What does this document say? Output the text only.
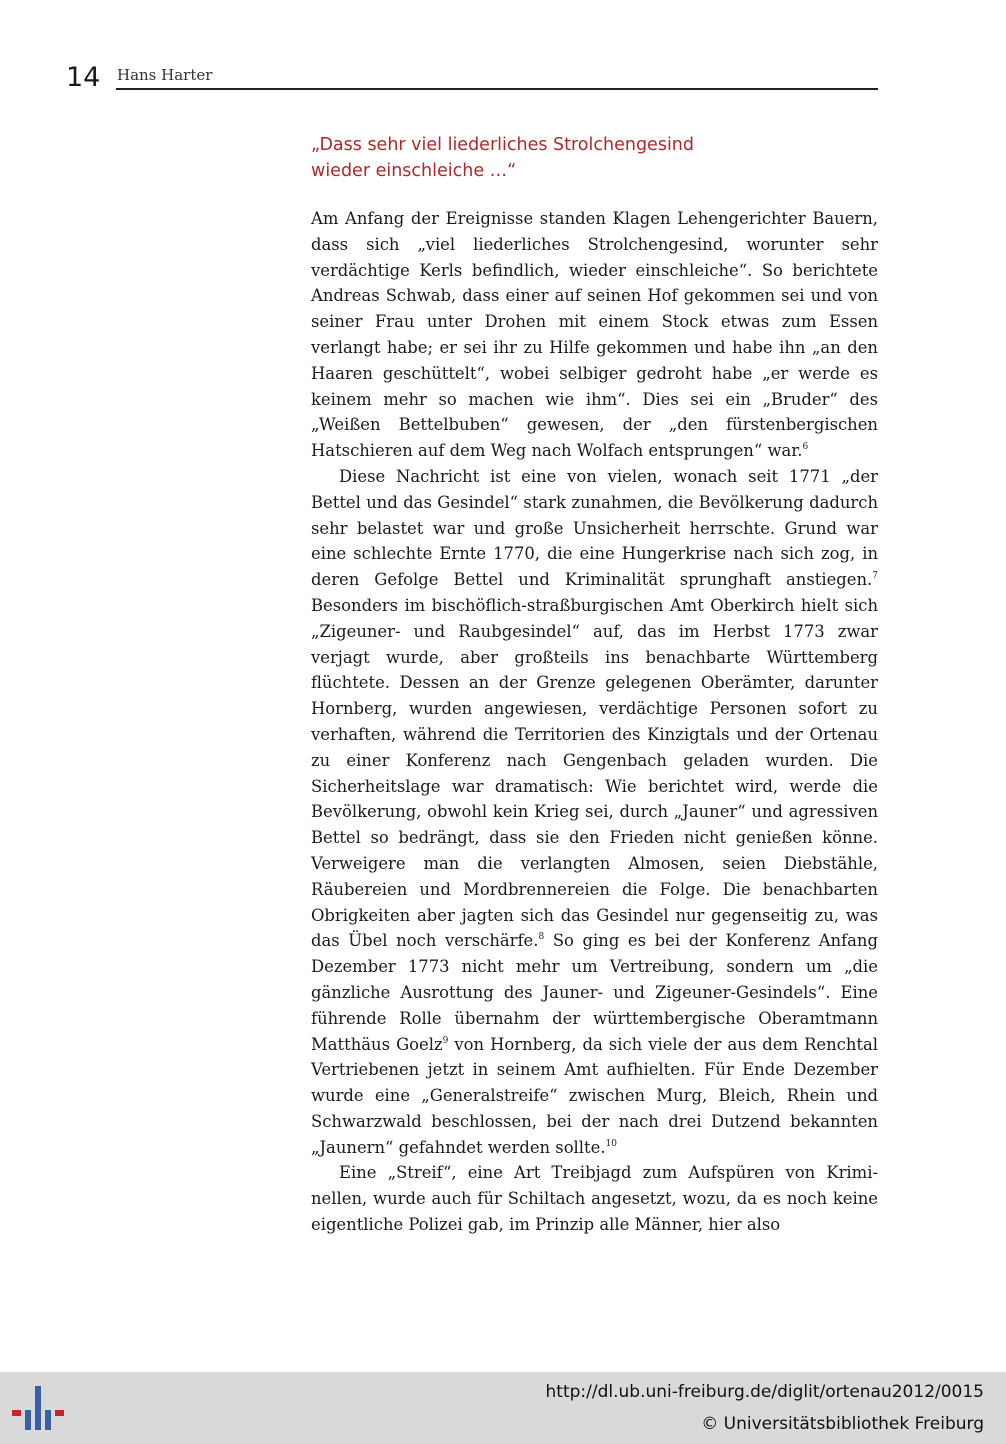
14 Hans Harter
„Dass sehr viel liederliches Strolchengesind
wieder einschleiche …“

Am Anfang der Ereignisse standen Klagen Lehengerichter Bauern, dass sich „viel liederliches Strolchengesind, worunter sehr verdächtige Kerls befindlich, wieder einschleiche“. So berichtete Andreas Schwab, dass einer auf seinen Hof gekommen sei und von seiner Frau unter Drohen mit einem Stock etwas zum Essen verlangt habe; er sei ihr zu Hilfe gekommen und habe ihn „an den Haaren geschüttelt“, wobei selbiger gedroht habe „er werde es keinem mehr so machen wie ihm“. Dies sei ein „Bruder“ des „Weißen Bettelbuben“ gewesen, der „den fürstenbergischen Hatschieren auf dem Weg nach Wolfach entsprungen“ war.$^6$

Diese Nachricht ist eine von vielen, wonach seit 1771 „der Bettel und das Gesindel“ stark zunahmen, die Bevölkerung dadurch sehr belastet war und große Unsicherheit herrschte. Grund war eine schlechte Ernte 1770, die eine Hungerkrise nach sich zog, in deren Gefolge Bettel und Kriminalität sprunghaft anstiegen.$^7$ Besonders im bischöflich-straßburgischen Amt Oberkirch hielt sich „Zigeuner- und Raubgesindel“ auf, das im Herbst 1773 zwar verjagt wurde, aber großteils ins benachbarte Württemberg flüchtete. Dessen an der Grenze gelegenen Oberämter, darunter Hornberg, wurden angewiesen, verdächtige Personen sofort zu verhaften, während die Territorien des Kinzigtals und der Ortenau zu einer Konferenz nach Gengenbach geladen wurden. Die Sicherheitslage war dramatisch: Wie berichtet wird, werde die Bevölkerung, obwohl kein Krieg sei, durch „Jauner“ und agressiven Bettel so bedrängt, dass sie den Frieden nicht genießen könne. Verweigere man die verlangten Almosen, seien Diebstähle, Räubereien und Mordbrennereien die Folge. Die benachbarten Obrigkeiten aber jagten sich das Gesindel nur gegenseitig zu, was das Übel noch verschärfe.$^8$ So ging es bei der Konferenz Anfang Dezember 1773 nicht mehr um Vertreibung, sondern um „die gänzliche Ausrottung des Jauner- und Zigeuner-Gesindels“. Eine führende Rolle übernahm der württembergische Oberamtmann Matthäus Goelz$^9$ von Hornberg, da sich viele der aus dem Renchtal Vertriebenen jetzt in seinem Amt aufhielten. Für Ende Dezember wurde eine „Generalstreife“ zwischen Murg, Bleich, Rhein und Schwarzwald beschlossen, bei der nach drei Dutzend bekannten „Jaunern“ gefahndet werden sollte.$^{10}$

Eine „Streif“, eine Art Treibjagd zum Aufspüren von Kriminellen, wurde auch für Schiltach angesetzt, wozu, da es noch keine eigentliche Polizei gab, im Prinzip alle Männer, hier also

http://dl.ub.uni-freiburg.de/diglit/ortenau2012/0015
© Universitätsbibliothek Freiburg
